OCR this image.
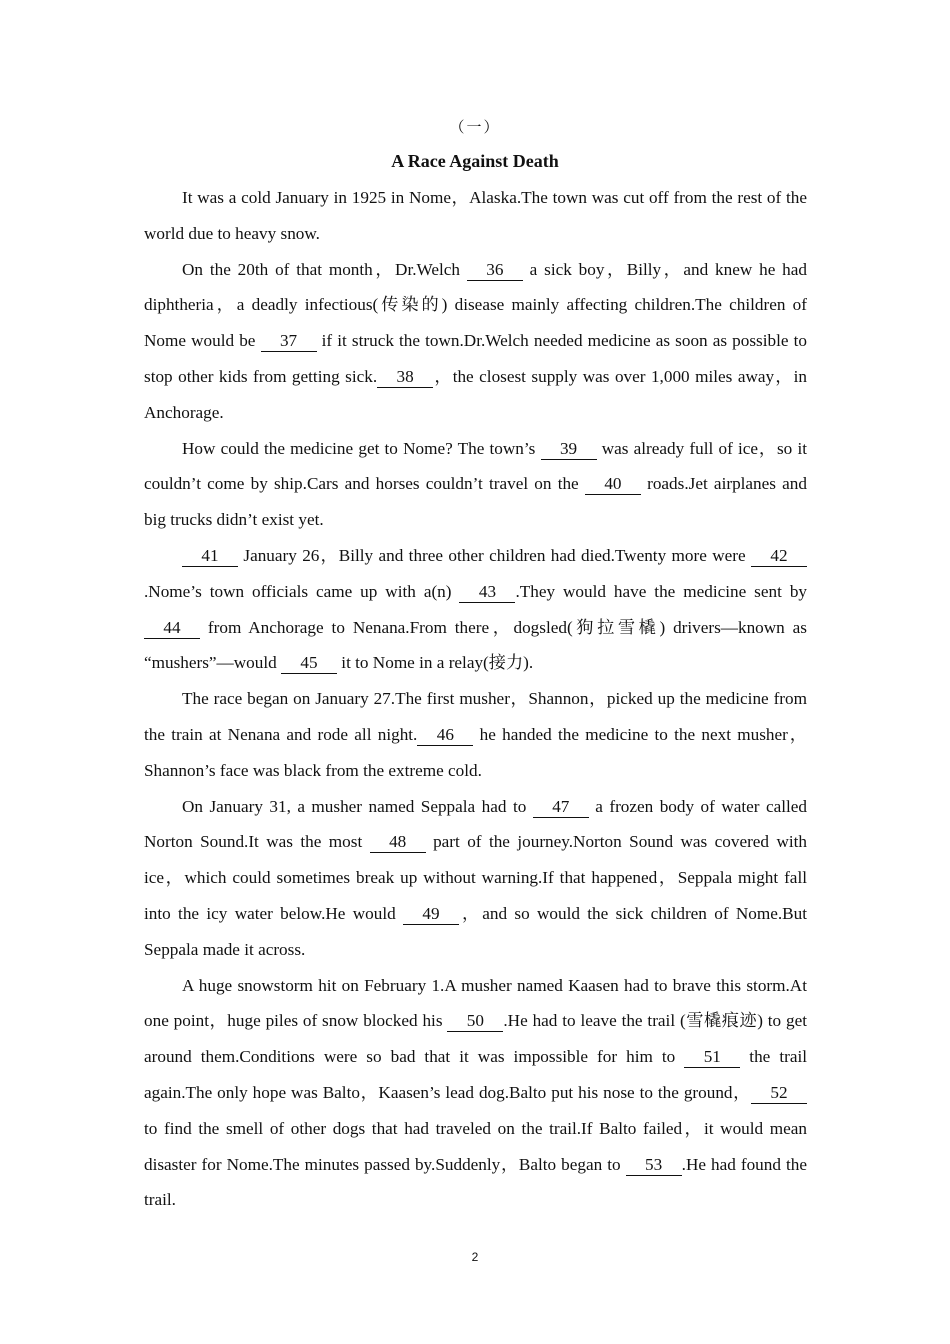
（一）
A Race Against Death

It was a cold January in 1925 in Nome，Alaska.The town was cut off from the rest of the world due to heavy snow.

On the 20th of that month，Dr.Welch 36 a sick boy，Billy，and knew he had diphtheria，a deadly infectious(传染的) disease mainly affecting children.The children of Nome would be 37 if it struck the town.Dr.Welch needed medicine as soon as possible to stop other kids from getting sick. 38 ，the closest supply was over 1,000 miles away，in Anchorage.

How could the medicine get to Nome? The town’s 39 was already full of ice，so it couldn’t come by ship.Cars and horses couldn’t travel on the 40 roads.Jet airplanes and big trucks didn’t exist yet.

41 January 26，Billy and three other children had died.Twenty more were 42.Nome’s town officials came up with a(n) 43 .They would have the medicine sent by 44 from Anchorage to Nenana.From there，dogsled(狗拉雪橇) drivers—known as “mushers”—would 45 it to Nome in a relay(接力).

The race began on January 27.The first musher，Shannon，picked up the medicine from the train at Nenana and rode all night. 46 he handed the medicine to the next musher，Shannon’s face was black from the extreme cold.

On January 31, a musher named Seppala had to 47 a frozen body of water called Norton Sound.It was the most 48 part of the journey.Norton Sound was covered with ice，which could sometimes break up without warning.If that happened，Seppala might fall into the icy water below.He would 49 ，and so would the sick children of Nome.But Seppala made it across.

A huge snowstorm hit on February 1.A musher named Kaasen had to brave this storm.At one point，huge piles of snow blocked his 50 .He had to leave the trail (雪橇痕迹) to get around them.Conditions were so bad that it was impossible for him to 51 the trail again.The only hope was Balto，Kaasen’s lead dog.Balto put his nose to the ground， 52 to find the smell of other dogs that had traveled on the trail.If Balto failed，it would mean disaster for Nome.The minutes passed by.Suddenly，Balto began to 53 .He had found the trail.

2
